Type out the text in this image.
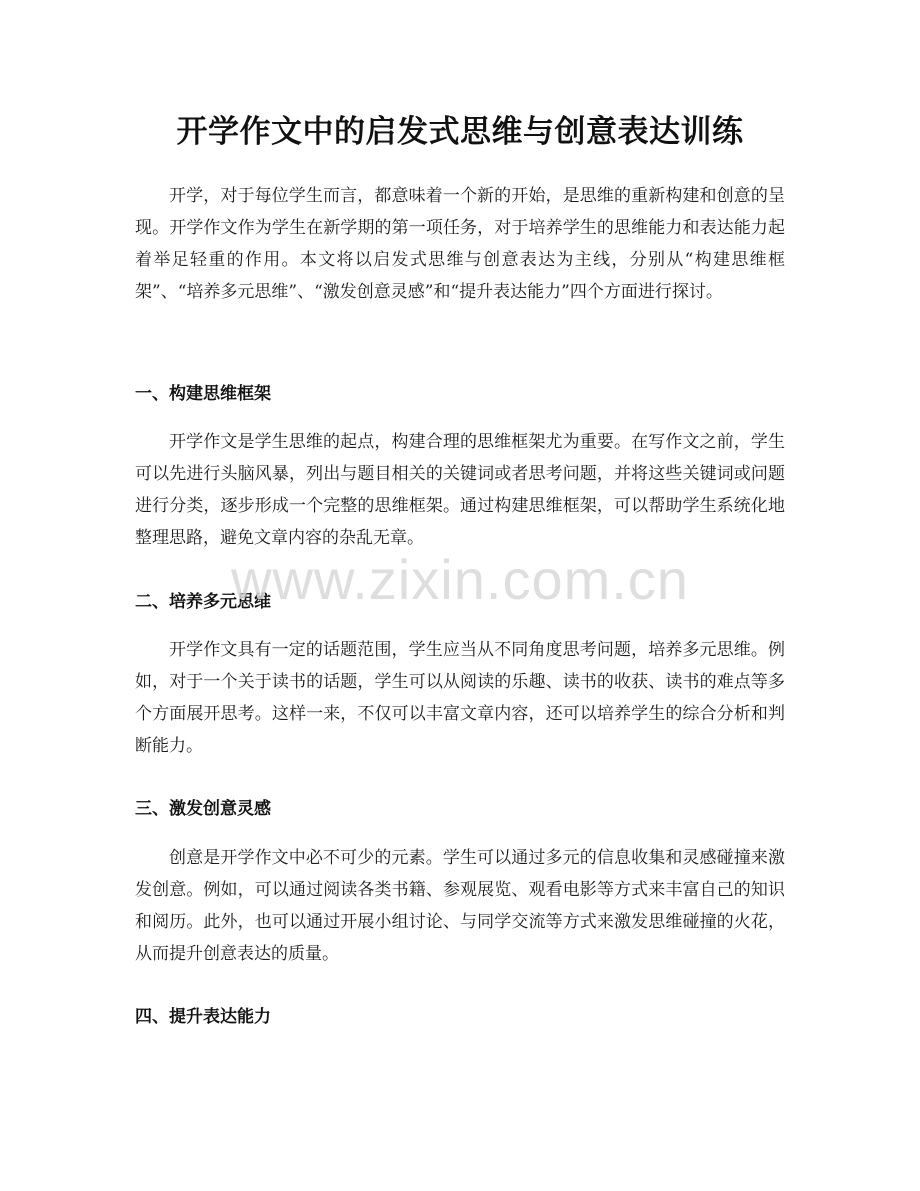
开学作文中的启发式思维与创意表达训练
开学，对于每位学生而言，都意味着一个新的开始，是思维的重新构建和创意的呈现。开学作文作为学生在新学期的第一项任务，对于培养学生的思维能力和表达能力起着举足轻重的作用。本文将以启发式思维与创意表达为主线，分别从“构建思维框架”、“培养多元思维”、“激发创意灵感”和“提升表达能力”四个方面进行探讨。
一、构建思维框架
开学作文是学生思维的起点，构建合理的思维框架尤为重要。在写作文之前，学生可以先进行头脑风暴，列出与题目相关的关键词或者思考问题，并将这些关键词或问题进行分类，逐步形成一个完整的思维框架。通过构建思维框架，可以帮助学生系统化地整理思路，避免文章内容的杂乱无章。
二、培养多元思维
开学作文具有一定的话题范围，学生应当从不同角度思考问题，培养多元思维。例如，对于一个关于读书的话题，学生可以从阅读的乐趣、读书的收获、读书的难点等多个方面展开思考。这样一来，不仅可以丰富文章内容，还可以培养学生的综合分析和判断能力。
三、激发创意灵感
创意是开学作文中必不可少的元素。学生可以通过多元的信息收集和灵感碰撞来激发创意。例如，可以通过阅读各类书籍、参观展览、观看电影等方式来丰富自己的知识和阅历。此外，也可以通过开展小组讨论、与同学交流等方式来激发思维碰撞的火花，从而提升创意表达的质量。
四、提升表达能力
www.zixin.com.cn
